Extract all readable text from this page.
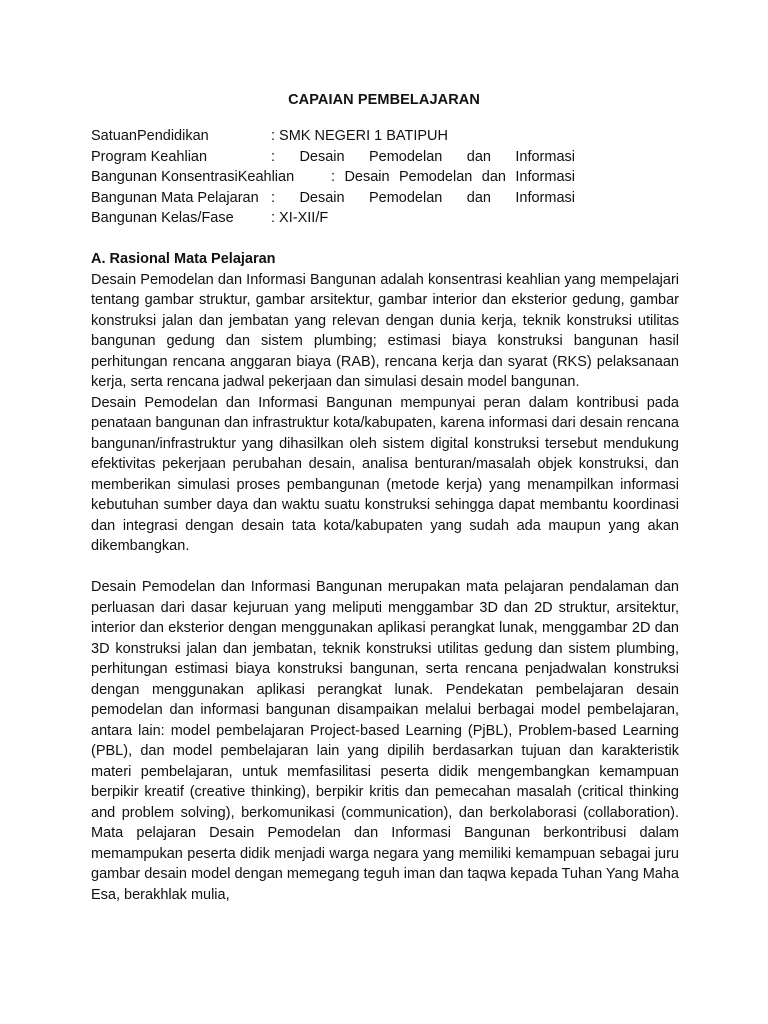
CAPAIAN PEMBELAJARAN
SatuanPendidikan	: SMK NEGERI 1 BATIPUH
Program Keahlian	: Desain Pemodelan dan Informasi
Bangunan KonsentrasiKeahlian	: Desain Pemodelan dan Informasi
Bangunan Mata Pelajaran : Desain Pemodelan dan Informasi
Bangunan Kelas/Fase	: XI-XII/F
A. Rasional Mata Pelajaran

Desain Pemodelan dan Informasi Bangunan adalah konsentrasi keahlian yang mempelajari tentang gambar struktur, gambar arsitektur, gambar interior dan eksterior gedung, gambar konstruksi jalan dan jembatan yang relevan dengan dunia kerja, teknik konstruksi utilitas bangunan gedung dan sistem plumbing; estimasi biaya konstruksi bangunan hasil perhitungan rencana anggaran biaya (RAB), rencana kerja dan syarat (RKS) pelaksanaan kerja, serta rencana jadwal pekerjaan dan simulasi desain model bangunan.

Desain Pemodelan dan Informasi Bangunan mempunyai peran dalam kontribusi pada penataan bangunan dan infrastruktur kota/kabupaten, karena informasi dari desain rencana bangunan/infrastruktur yang dihasilkan oleh sistem digital konstruksi tersebut mendukung efektivitas pekerjaan perubahan desain, analisa benturan/masalah objek konstruksi, dan memberikan simulasi proses pembangunan (metode kerja) yang menampilkan informasi kebutuhan sumber daya dan waktu suatu konstruksi sehingga dapat membantu koordinasi dan integrasi dengan desain tata kota/kabupaten yang sudah ada maupun yang akan dikembangkan.

Desain Pemodelan dan Informasi Bangunan merupakan mata pelajaran pendalaman dan perluasan dari dasar kejuruan yang meliputi menggambar 3D dan 2D struktur, arsitektur, interior dan eksterior dengan menggunakan aplikasi perangkat lunak, menggambar 2D dan 3D konstruksi jalan dan jembatan, teknik konstruksi utilitas gedung dan sistem plumbing, perhitungan estimasi biaya konstruksi bangunan, serta rencana penjadwalan konstruksi dengan menggunakan aplikasi perangkat lunak. Pendekatan pembelajaran desain pemodelan dan informasi bangunan disampaikan melalui berbagai model pembelajaran, antara lain: model pembelajaran Project-based Learning (PjBL), Problem-based Learning (PBL), dan model pembelajaran lain yang dipilih berdasarkan tujuan dan karakteristik materi pembelajaran, untuk memfasilitasi peserta didik mengembangkan kemampuan berpikir kreatif (creative thinking), berpikir kritis dan pemecahan masalah (critical thinking and problem solving), berkomunikasi (communication), dan berkolaborasi (collaboration). Mata pelajaran Desain Pemodelan dan Informasi Bangunan berkontribusi dalam memampukan peserta didik menjadi warga negara yang memiliki kemampuan sebagai juru gambar desain model dengan memegang teguh iman dan taqwa kepada Tuhan Yang Maha Esa, berakhlak mulia,
